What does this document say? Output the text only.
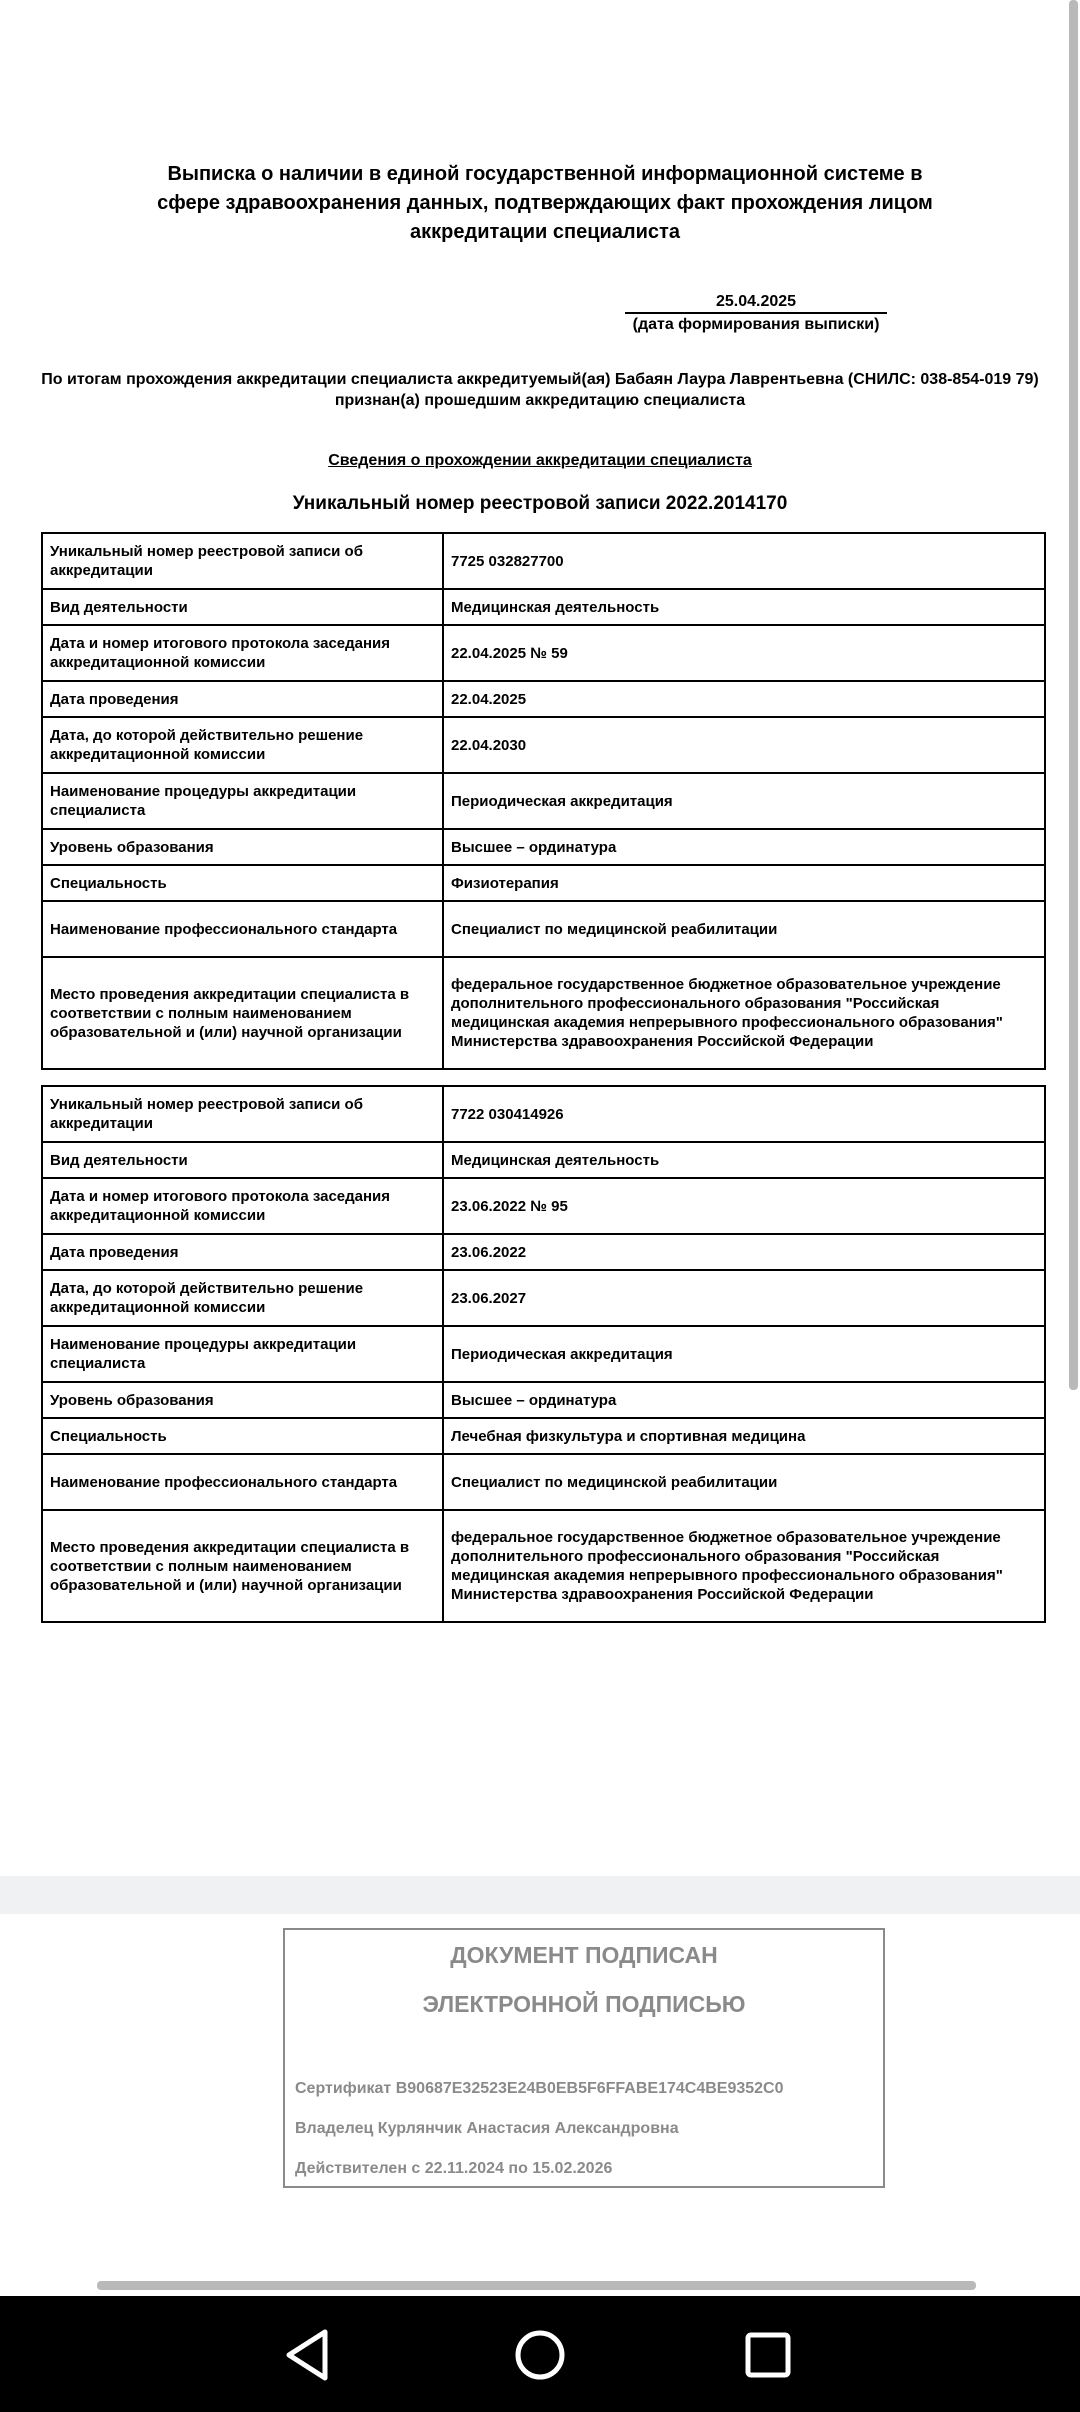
Выписка о наличии в единой государственной информационной системе в сфере здравоохранения данных, подтверждающих факт прохождения лицом аккредитации специалиста
25.04.2025
(дата формирования выписки)
По итогам прохождения аккредитации специалиста аккредитуемый(ая) Бабаян Лаура Лаврентьевна (СНИЛС: 038-854-019 79) признан(а) прошедшим аккредитацию специалиста
Сведения о прохождении аккредитации специалиста
Уникальный номер реестровой записи 2022.2014170
Уникальный номер реестровой записи об аккредитации	7725 032827700
Вид деятельности	Медицинская деятельность
Дата и номер итогового протокола заседания аккредитационной комиссии	22.04.2025 № 59
Дата проведения	22.04.2025
Дата, до которой действительно решение аккредитационной комиссии	22.04.2030
Наименование процедуры аккредитации специалиста	Периодическая аккредитация
Уровень образования	Высшее – ординатура
Специальность	Физиотерапия
Наименование профессионального стандарта	Специалист по медицинской реабилитации
Место проведения аккредитации специалиста в соответствии с полным наименованием образовательной и (или) научной организации	федеральное государственное бюджетное образовательное учреждение дополнительного профессионального образования "Российская медицинская академия непрерывного профессионального образования" Министерства здравоохранения Российской Федерации
Уникальный номер реестровой записи об аккредитации	7722 030414926
Вид деятельности	Медицинская деятельность
Дата и номер итогового протокола заседания аккредитационной комиссии	23.06.2022 № 95
Дата проведения	23.06.2022
Дата, до которой действительно решение аккредитационной комиссии	23.06.2027
Наименование процедуры аккредитации специалиста	Периодическая аккредитация
Уровень образования	Высшее – ординатура
Специальность	Лечебная физкультура и спортивная медицина
Наименование профессионального стандарта	Специалист по медицинской реабилитации
Место проведения аккредитации специалиста в соответствии с полным наименованием образовательной и (или) научной организации	федеральное государственное бюджетное образовательное учреждение дополнительного профессионального образования "Российская медицинская академия непрерывного профессионального образования" Министерства здравоохранения Российской Федерации
ДОКУМЕНТ ПОДПИСАН
ЭЛЕКТРОННОЙ ПОДПИСЬЮ
Сертификат B90687E32523E24B0EB5F6FFABE174C4BE9352C0
Владелец Курлянчик Анастасия Александровна
Действителен с 22.11.2024 по 15.02.2026
